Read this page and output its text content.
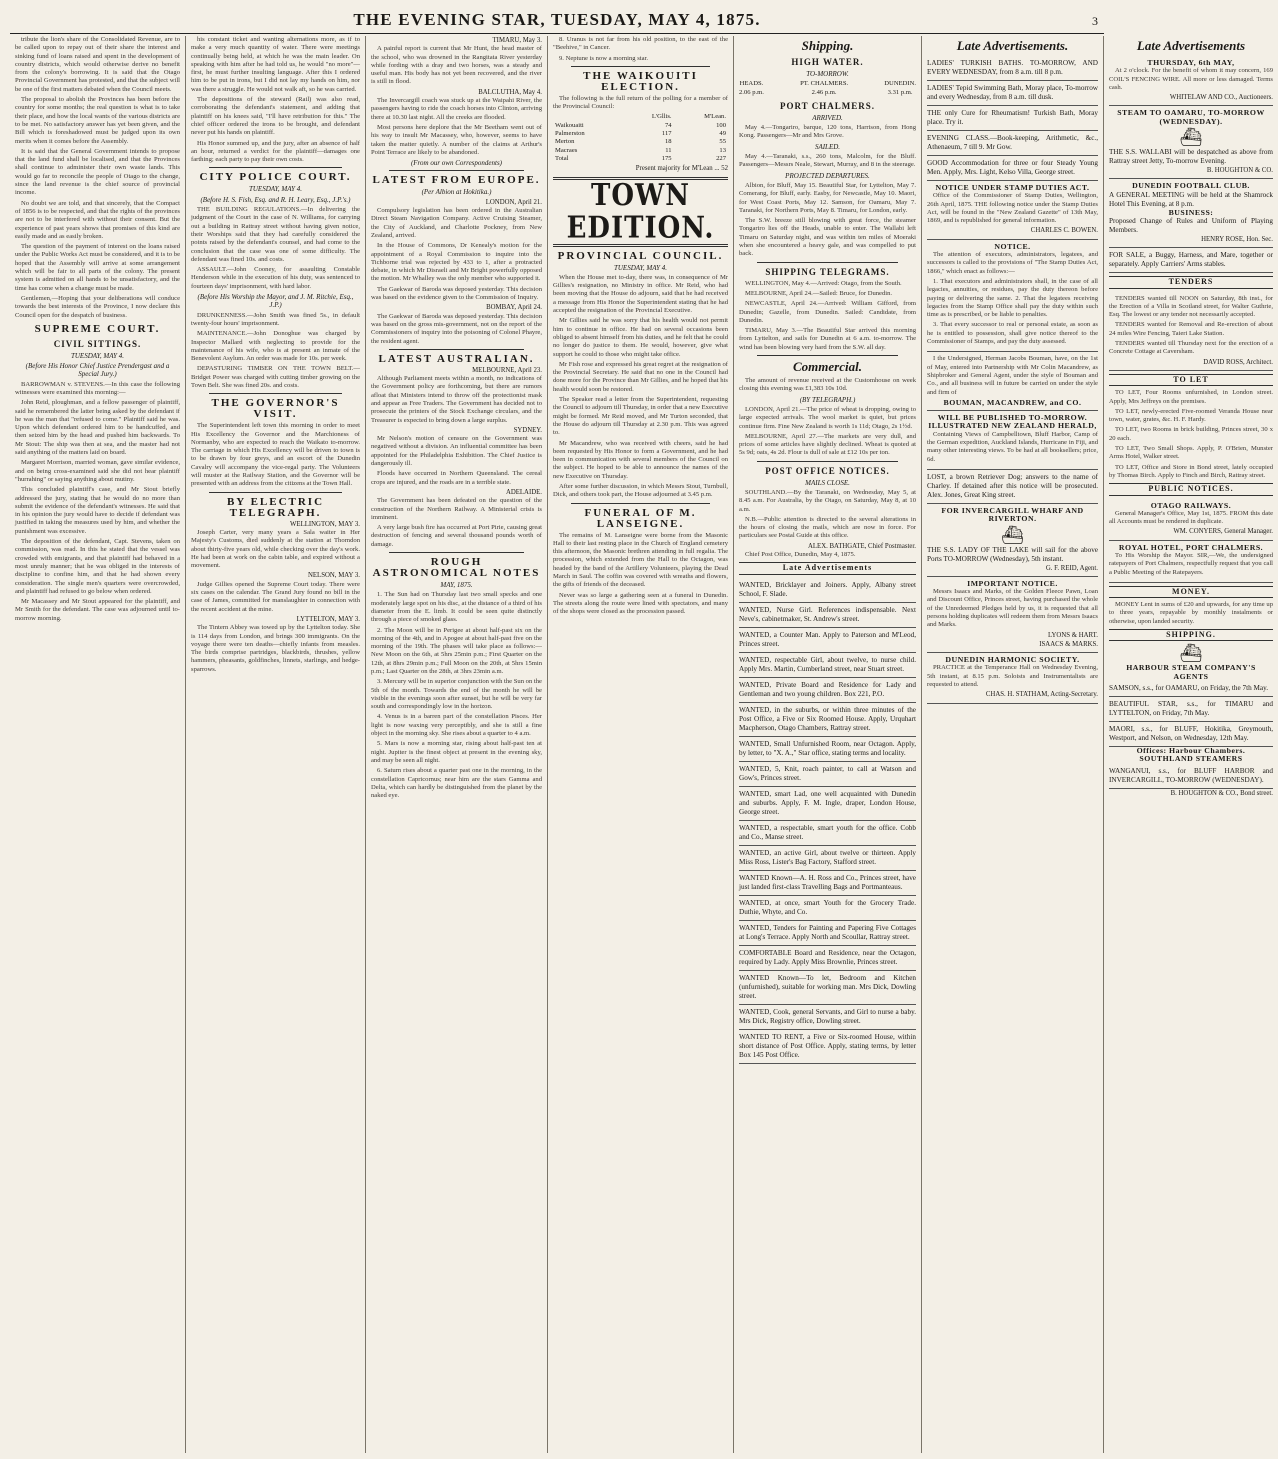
THE EVENING STAR, TUESDAY, MAY 4, 1875.	3
tribute the lion's share of the Consolidated Revenue, are to be called upon to repay out of their share the interest and sinking fund of loans raised and spent in the development of country districts, which would otherwise derive no benefit from the colony's borrowing. It is said that the Otago Provincial Government has protested, and that the subject will be one of the first matters debated when the Council meets.
The proposal to abolish the Provinces has been before the country for some months; the real question is what is to take their place, and how the local wants of the various districts are to be met. No satisfactory answer has yet been given, and the Bill which is foreshadowed must be judged upon its own merits when it comes before the Assembly.
It is said that the General Government intends to propose that the land fund shall be localised, and that the Provinces shall continue to administer their own waste lands. This would go far to reconcile the people of Otago to the change, since the land revenue is the chief source of provincial income.
No doubt we are told, and that sincerely, that the Compact of 1856 is to be respected, and that the rights of the provinces are not to be interfered with without their consent. But the experience of past years shows that promises of this kind are easily made and as easily broken.
The question of the payment of interest on the loans raised under the Public Works Act must be considered, and it is to be hoped that the Assembly will arrive at some arrangement which will be fair to all parts of the colony. The present system is admitted on all hands to be unsatisfactory, and the time has come when a change must be made.
Gentlemen,—Hoping that your deliberations will conduce towards the best interests of the Province, I now declare this Council open for the despatch of business.
SUPREME COURT.
CIVIL SITTINGS.
TUESDAY, MAY 4.
(Before His Honor Chief Justice Prendergast and a Special Jury.)
BARROWMAN v. STEVENS.—In this case the following witnesses were examined this morning:—
John Reid, ploughman, and a fellow passenger of plaintiff, said he remembered the latter being asked by the defendant if he was the man that "refused to come." Plaintiff said he was. Upon which defendant ordered him to be handcuffed, and then seized him by the head and pushed him backwards. To Mr Stout: The ship was then at sea, and the master had not said anything of the matters laid on board.
Margaret Morrison, married woman, gave similar evidence, and on being cross-examined said she did not hear plaintiff "hurrahing" or saying anything about mutiny.
This concluded plaintiff's case, and Mr Stout briefly addressed the jury, stating that he would do no more than submit the evidence of the defendant's witnesses. He said that in his opinion the jury would have to decide if defendant was justified in taking the measures used by him, and whether the punishment was excessive.
The deposition of the defendant, Capt. Stevens, taken on commission, was read. In this he stated that the vessel was crowded with emigrants, and that plaintiff had behaved in a most unruly manner; that he was obliged in the interests of discipline to confine him, and that he had shown every consideration. The single men's quarters were overcrowded, and plaintiff had refused to go below when ordered.
Mr Macassey and Mr Stout appeared for the plaintiff, and Mr Smith for the defendant. The case was adjourned until to-morrow morning.
his constant ticket and wanting alternations more, as if to make a very much quantity of water. There were meetings continually being held, at which he was the main leader. On speaking with him after he had told us, he would "no more"—first, he must further insulting language. After this I ordered him to be put in irons, but I did not lay my hands on him, nor was there a struggle. He would not walk aft, so he was carried.
The depositions of the steward (Rail) was also read, corroborating the defendant's statement, and adding that plaintiff on his knees said, "I'll have retribution for this." The chief officer ordered the irons to be brought, and defendant never put his hands on plaintiff.
His Honor summed up, and the jury, after an absence of half an hour, returned a verdict for the plaintiff—damages one farthing; each party to pay their own costs.
CITY POLICE COURT.
TUESDAY, MAY 4.
(Before H. S. Fish, Esq. and R. H. Leary, Esq., J.P.'s.)
THE BUILDING REGULATIONS.—In delivering the judgment of the Court in the case of N. Williams, for carrying out a building in Rattray street without having given notice, their Worships said that they had carefully considered the points raised by the defendant's counsel, and had come to the conclusion that the case was one of some difficulty. The defendant was fined 10s. and costs.
ASSAULT.—John Cooney, for assaulting Constable Henderson while in the execution of his duty, was sentenced to fourteen days' imprisonment, with hard labor.
(Before His Worship the Mayor, and J. M. Ritchie, Esq., J.P.)
DRUNKENNESS.—John Smith was fined 5s., in default twenty-four hours' imprisonment.
MAINTENANCE.—John Donoghue was charged by Inspector Mallard with neglecting to provide for the maintenance of his wife, who is at present an inmate of the Benevolent Asylum. An order was made for 10s. per week.
DEPASTURING TIMBER ON THE TOWN BELT.—Bridget Power was charged with cutting timber growing on the Town Belt. She was fined 20s. and costs.
THE GOVERNOR'S VISIT.
The Superintendent left town this morning in order to meet His Excellency the Governor and the Marchioness of Normanby, who are expected to reach the Waikato to-morrow. The carriage in which His Excellency will be driven to town is to be drawn by four greys, and an escort of the Dunedin Cavalry will accompany the vice-regal party. The Volunteers will muster at the Railway Station, and the Governor will be presented with an address from the citizens at the Town Hall.
BY ELECTRIC TELEGRAPH.
WELLINGTON, MAY 3.
Joseph Carter, very many years a Sala waiter in Her Majesty's Customs, died suddenly at the station at Thorndon about thirty-five years old, while checking over the day's work. He had been at work on the cabin table, and expired without a movement.
NELSON, MAY 3.
Judge Gillies opened the Supreme Court today. There were six cases on the calendar. The Grand Jury found no bill in the case of James, committed for manslaughter in connection with the recent accident at the mine.
LYTTELTON, MAY 3.
The Tintern Abbey was towed up by the Lyttelton today. She is 114 days from London, and brings 300 immigrants. On the voyage there were ten deaths—chiefly infants from measles. The birds comprise partridges, blackbirds, thrushes, yellow hammers, pheasants, goldfinches, linnets, starlings, and hedge-sparrows.
TIMARU, May 3.
A painful report is current that Mr Hunt, the head master of the school, who was drowned in the Rangitata River yesterday while fording with a dray and two horses, was a steady and useful man. His body has not yet been recovered, and the river is still in flood.
BALCLUTHA, May 4.
The Invercargill coach was stuck up at the Waipahi River, the passengers having to ride the coach horses into Clinton, arriving there at 10.30 last night. All the creeks are flooded.
Most persons here deplore that the Mr Beetham went out of his way to insult Mr Macassey, who, however, seems to have taken the matter quietly. A number of the claims at Arthur's Point Terrace are likely to be abandoned.
(From our own Correspondents)
LATEST FROM EUROPE.
(Per Albion at Hokitika.)
LONDON, April 21.
Compulsory legislation has been ordered in the Australian Direct Steam Navigation Company. Active Cruising Steamer, the City of Auckland, and Charlotte Pockney, from New Zealand, arrived.
In the House of Commons, Dr Kenealy's motion for the appointment of a Royal Commission to inquire into the Tichborne trial was rejected by 433 to 1, after a protracted debate, in which Mr Disraeli and Mr Bright powerfully opposed the motion. Mr Whalley was the only member who supported it.
The Gaekwar of Baroda was deposed yesterday. This decision was based on the evidence given to the Commission of Inquiry.
BOMBAY, April 24.
The Gaekwar of Baroda was deposed yesterday. This decision was based on the gross mis-government, not on the report of the Commissioners of inquiry into the poisoning of Colonel Phayre, the resident agent.
LATEST AUSTRALIAN.
MELBOURNE, April 23.
Although Parliament meets within a month, no indications of the Government policy are forthcoming, but there are rumors afloat that Ministers intend to throw off the protectionist mask and appear as Free Traders. The Government has decided not to prosecute the printers of the Stock Exchange circulars, and the Treasurer is expected to bring down a large surplus.
SYDNEY.
Mr Nelson's motion of censure on the Government was negatived without a division. An influential committee has been appointed for the Philadelphia Exhibition. The Chief Justice is dangerously ill.
Floods have occurred in Northern Queensland. The cereal crops are injured, and the roads are in a terrible state.
ADELAIDE.
The Government has been defeated on the question of the construction of the Northern Railway. A Ministerial crisis is imminent.
A very large bush fire has occurred at Port Pirie, causing great destruction of fencing and several thousand pounds worth of damage.
ROUGH ASTRONOMICAL NOTES
MAY, 1875.
1. The Sun had on Thursday last two small specks and one moderately large spot on his disc, at the distance of a third of his diameter from the E. limb. It could be seen quite distinctly through a piece of smoked glass.
2. The Moon will be in Perigee at about half-past six on the morning of the 4th, and in Apogee at about half-past five on the morning of the 19th. The phases will take place as follows:—New Moon on the 6th, at 5hrs 25min p.m.; First Quarter on the 12th, at 8hrs 29min p.m.; Full Moon on the 20th, at 5hrs 15min p.m.; Last Quarter on the 28th, at 3hrs 23min a.m.
3. Mercury will be in superior conjunction with the Sun on the 5th of the month. Towards the end of the month he will be visible in the evenings soon after sunset, but he will be very far south and correspondingly low in the horizon.
4. Venus is in a barren part of the constellation Pisces. Her light is now waxing very perceptibly, and she is still a fine object in the morning sky. She rises about a quarter to 4 a.m.
5. Mars is now a morning star, rising about half-past ten at night. Jupiter is the finest object at present in the evening sky, and may be seen all night.
6. Saturn rises about a quarter past one in the morning, in the constellation Capricornus; near him are the stars Gamma and Delta, which can hardly be distinguished from the planet by the naked eye.
8. Uranus is not far from his old position, to the east of the "Beehive," in Cancer.
9. Neptune is now a morning star.
THE WAIKOUITI ELECTION.
The following is the full return of the polling for a member of the Provincial Council:
	L'Gllis.	M'Lean.
Waikouaiti	74	100
Palmerston	117	49
Merton	18	55
Macraes	11	13
Total	175	227
Present majority for M'Lean ... 52
TOWN EDITION.
PROVINCIAL COUNCIL.
TUESDAY, MAY 4.
When the House met to-day, there was, in consequence of Mr Gillies's resignation, no Ministry in office. Mr Reid, who had been moving that the House do adjourn, said that he had received a message from His Honor the Superintendent stating that he had accepted the resignation of the Provincial Executive.
Mr Gillies said he was sorry that his health would not permit him to continue in office. He had on several occasions been obliged to absent himself from his duties, and he felt that he could no longer do justice to them. He would, however, give what support he could to those who might take office.
Mr Fish rose and expressed his great regret at the resignation of the Provincial Secretary. He said that no one in the Council had done more for the Province than Mr Gillies, and he hoped that his health would soon be restored.
The Speaker read a letter from the Superintendent, requesting the Council to adjourn till Thursday, in order that a new Executive might be formed. Mr Reid moved, and Mr Turton seconded, that the House do adjourn till Thursday at 2.30 p.m. This was agreed to.
Mr Macandrew, who was received with cheers, said he had been requested by His Honor to form a Government, and he had been in communication with several members of the Council on the subject. He hoped to be able to announce the names of the new Executive on Thursday.
After some further discussion, in which Messrs Stout, Turnbull, Dick, and others took part, the House adjourned at 3.45 p.m.
FUNERAL OF M. LANSEIGNE.
The remains of M. Lanseigne were borne from the Masonic Hall to their last resting place in the Church of England cemetery this afternoon, the Masonic brethren attending in full regalia. The procession, which extended from the Hall to the Octagon, was headed by the band of the Artillery Volunteers, playing the Dead March in Saul. The coffin was covered with wreaths and flowers, the gifts of friends of the deceased.
Never was so large a gathering seen at a funeral in Dunedin. The streets along the route were lined with spectators, and many of the shops were closed as the procession passed.
Shipping.
HIGH WATER.
TO-MORROW.
HEADS.
2.06 p.m.
PT. CHALMERS.
2.46 p.m.
DUNEDIN.
3.31 p.m.
PORT CHALMERS.
ARRIVED.
May 4.—Tongariro, barque, 120 tons, Harrison, from Hong Kong. Passengers—Mr and Mrs Grove.
SAILED.
May 4.—Taranaki, s.s., 260 tons, Malcolm, for the Bluff. Passengers—Messrs Neale, Stewart, Murray, and 8 in the steerage.
PROJECTED DEPARTURES.
Albion, for Bluff, May 15. Beautiful Star, for Lyttelton, May 7. Comerang, for Bluff, early. Easby, for Newcastle, May 10. Maori, for West Coast Ports, May 12. Samson, for Oamaru, May 7. Taranaki, for Northern Ports, May 8. Timaru, for London, early.
The S.W. breeze still blowing with great force, the steamer Tongariro lies off the Heads, unable to enter. The Wallabi left Timaru on Saturday night, and was within ten miles of Moeraki when she encountered a heavy gale, and was compelled to put back.
SHIPPING TELEGRAMS.
WELLINGTON, May 4.—Arrived: Otago, from the South.
MELBOURNE, April 24.—Sailed: Bruce, for Dunedin.
NEWCASTLE, April 24.—Arrived: William Gifford, from Dunedin; Gazelle, from Dunedin. Sailed: Candidate, from Dunedin.
TIMARU, May 3.—The Beautiful Star arrived this morning from Lyttelton, and sails for Dunedin at 6 a.m. to-morrow. The wind has been blowing very hard from the S.W. all day.
Commercial.
The amount of revenue received at the Customhouse on week closing this evening was £1,383 10s 10d.
(BY TELEGRAPH.)
LONDON, April 21.—The price of wheat is dropping, owing to large expected arrivals. The wool market is quiet, but prices continue firm. Fine New Zealand is worth 1s 11d; Otago, 2s 1½d.
MELBOURNE, April 27.—The markets are very dull, and prices of some articles have slightly declined. Wheat is quoted at 5s 9d; oats, 4s 2d. Flour is dull of sale at £12 10s per ton.
POST OFFICE NOTICES.
MAILS CLOSE.
SOUTHLAND.—By the Taranaki, on Wednesday, May 5, at 8.45 a.m. For Australia, by the Otago, on Saturday, May 8, at 10 a.m.
N.B.—Public attention is directed to the several alterations in the hours of closing the mails, which are now in force. For particulars see Postal Guide at this office.
ALEX. BATHGATE, Chief Postmaster.
Chief Post Office, Dunedin, May 4, 1875.
Late Advertisements
WANTED, Bricklayer and Joiners. Apply, Albany street School, F. Slade.
WANTED, Nurse Girl. References indispensable. Next Neve's, cabinetmaker, St. Andrew's street.
WANTED, a Counter Man. Apply to Paterson and M'Leod, Princes street.
WANTED, respectable Girl, about twelve, to nurse child. Apply Mrs. Martin, Cumberland street, near Stuart street.
WANTED, Private Board and Residence for Lady and Gentleman and two young children. Box 221, P.O.
WANTED, in the suburbs, or within three minutes of the Post Office, a Five or Six Roomed House. Apply, Urquhart Macpherson, Otago Chambers, Rattray street.
WANTED, Small Unfurnished Room, near Octagon. Apply, by letter, to "X. A.," Star office, stating terms and locality.
WANTED, 5, Knit, roach painter, to call at Watson and Gow's, Princes street.
WANTED, smart Lad, one well acquainted with Dunedin and suburbs. Apply, F. M. Ingle, draper, London House, George street.
WANTED, a respectable, smart youth for the office. Cobb and Co., Manse street.
WANTED, an active Girl, about twelve or thirteen. Apply Miss Ross, Lister's Bag Factory, Stafford street.
WANTED Known—A. H. Ross and Co., Princes street, have just landed first-class Travelling Bags and Portmanteaus.
WANTED, at once, smart Youth for the Grocery Trade. Duthie, Whyte, and Co.
WANTED, Tenders for Painting and Papering Five Cottages at Long's Terrace. Apply North and Scoullar, Rattray street.
COMFORTABLE Board and Residence, near the Octagon, required by Lady. Apply Miss Brownlie, Princes street.
WANTED Known—To let, Bedroom and Kitchen (unfurnished), suitable for working man. Mrs Dick, Dowling street.
WANTED, Cook, general Servants, and Girl to nurse a baby. Mrs Dick, Registry office, Dowling street.
WANTED TO RENT, a Five or Six-roomed House, within short distance of Post Office. Apply, stating terms, by letter Box 145 Post Office.
Late Advertisements.
LADIES' TURKISH BATHS. TO-MORROW, AND EVERY WEDNESDAY, from 8 a.m. till 8 p.m.
LADIES' Tepid Swimming Bath, Moray place, To-morrow and every Wednesday, from 8 a.m. till dusk.
THE only Cure for Rheumatism! Turkish Bath, Moray place. Try it.
EVENING CLASS.—Book-keeping, Arithmetic, &c., Athenaeum, 7 till 9. Mr Gow.
GOOD Accommodation for three or four Steady Young Men. Apply, Mrs. Light, Kelso Villa, George street.
NOTICE UNDER STAMP DUTIES ACT.
Office of the Commissioner of Stamp Duties, Wellington, 26th April, 1875. THE following notice under the Stamp Duties Act, will be found in the "New Zealand Gazette" of 13th May, 1869, and is republished for general information.
CHARLES C. BOWEN.
NOTICE.
The attention of executors, administrators, legatees, and successors is called to the provisions of "The Stamp Duties Act, 1866," which enact as follows:—
1. That executors and administrators shall, in the case of all legacies, annuities, or residues, pay the duty thereon before paying or delivering the same. 2. That the legatees receiving legacies from the Stamp Office shall pay the duty within such time as is prescribed, or be liable to penalties.
3. That every successor to real or personal estate, as soon as he is entitled to possession, shall give notice thereof to the Commissioner of Stamps, and pay the duty assessed.
I the Undersigned, Herman Jacobs Bouman, have, on the 1st of May, entered into Partnership with Mr Colin Macandrew, as Shipbroker and General Agent, under the style of Bouman and Co., and all business will in future be carried on under the style and firm of
BOUMAN, MACANDREW, and CO.
WILL BE PUBLISHED TO-MORROW.
ILLUSTRATED NEW ZEALAND HERALD,
Containing Views of Campbelltown, Bluff Harbor, Camp of the German expedition, Auckland Islands, Hurricane in Fiji, and many other interesting views. To be had at all booksellers; price, 6d.
LOST, a brown Retriever Dog; answers to the name of Charley. If detained after this notice will be prosecuted. Alex. Jones, Great King street.
FOR INVERCARGILL WHARF AND RIVERTON.
⛴
THE S.S. LADY OF THE LAKE will sail for the above Ports TO-MORROW (Wednesday), 5th instant.
G. F. REID, Agent.
IMPORTANT NOTICE.
Messrs Isaacs and Marks, of the Golden Fleece Pawn, Loan and Discount Office, Princes street, having purchased the whole of the Unredeemed Pledges held by us, it is requested that all persons holding duplicates will redeem them from Messrs Isaacs and Marks.
LYONS & HART.
ISAACS & MARKS.
DUNEDIN HARMONIC SOCIETY.
PRACTICE at the Temperance Hall on Wednesday Evening, 5th instant, at 8.15 p.m. Soloists and Instrumentalists are requested to attend.
CHAS. H. STATHAM, Acting-Secretary.
Late Advertisements
THURSDAY, 6th MAY,
At 2 o'clock. For the benefit of whom it may concern, 169 COIL'S FENCING WIRE. All more or less damaged. Terms cash.
WHITELAW AND CO., Auctioneers.
STEAM TO OAMARU, TO-MORROW (WEDNESDAY).
⛴
THE S.S. WALLABI will be despatched as above from Rattray street Jetty, To-morrow Evening.
B. HOUGHTON & CO.
DUNEDIN FOOTBALL CLUB.
A GENERAL MEETING will be held at the Shamrock Hotel This Evening, at 8 p.m.
BUSINESS:
Proposed Change of Rules and Uniform of Playing Members.
HENRY ROSE, Hon. Sec.
FOR SALE, a Buggy, Harness, and Mare, together or separately. Apply Carriers' Arms stables.
TENDERS
TENDERS wanted till NOON on Saturday, 8th inst., for the Erection of a Villa in Scotland street, for Walter Guthrie, Esq. The lowest or any tender not necessarily accepted.
TENDERS wanted for Removal and Re-erection of about 24 miles Wire Fencing, Taieri Lake Station.
TENDERS wanted till Thursday next for the erection of a Concrete Cottage at Caversham.
DAVID ROSS, Architect.
TO LET
TO LET, Four Rooms unfurnished, in London street. Apply, Mrs Jeffreys on the premises.
TO LET, newly-erected Five-roomed Veranda House near town, water, grates, &c. H. F. Hardy.
TO LET, two Rooms in brick building, Princes street, 30 x 20 each.
TO LET, Two Small Shops. Apply, P. O'Brien, Munster Arms Hotel, Walker street.
TO LET, Office and Store in Bond street, lately occupied by Thomas Birch. Apply to Finch and Birch, Rattray street.
PUBLIC NOTICES.
OTAGO RAILWAYS.
General Manager's Office, May 1st, 1875. FROM this date all Accounts must be rendered in duplicate.
WM. CONYERS, General Manager.
ROYAL HOTEL, PORT CHALMERS.
To His Worship the Mayor. SIR,—We, the undersigned ratepayers of Port Chalmers, respectfully request that you call a Public Meeting of the Ratepayers.
MONEY.
MONEY Lent in sums of £20 and upwards, for any time up to three years, repayable by monthly instalments or otherwise, upon landed security.
SHIPPING.
⛴
HARBOUR STEAM COMPANY'S AGENTS
SAMSON, s.s., for OAMARU, on Friday, the 7th May.
BEAUTIFUL STAR, s.s., for TIMARU and LYTTELTON, on Friday, 7th May.
MAORI, s.s., for BLUFF, Hokitika, Greymouth, Westport, and Nelson, on Wednesday, 12th May.
Offices: Harbour Chambers.
SOUTHLAND STEAMERS
WANGANUI, s.s., for BLUFF HARBOR and INVERCARGILL, TO-MORROW (WEDNESDAY).
B. HOUGHTON & CO., Bond street.
